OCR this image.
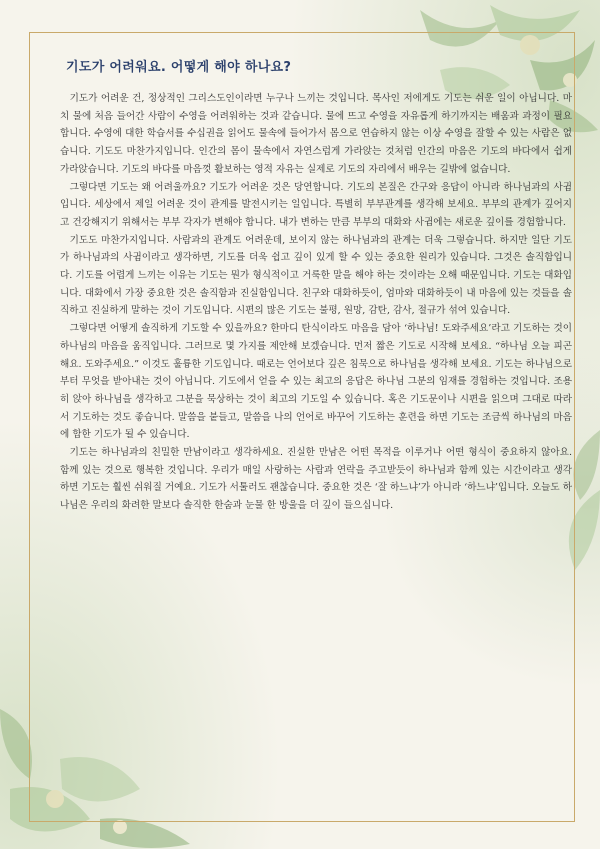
기도가 어려워요. 어떻게 해야 하나요?

기도가 어려운 건, 정상적인 그리스도인이라면 누구나 느끼는 것입니다. 목사인 저에게도 기도는 쉬운 일이 아닙니다. 마치 물에 처음 들어간 사람이 수영을 어려워하는 것과 같습니다. 물에 뜨고 수영을 자유롭게 하기까지는 배움과 과정이 필요합니다. 수영에 대한 학습서를 수십권을 읽어도 물속에 들어가서 몸으로 연습하지 않는 이상 수영을 잘할 수 있는 사람은 없습니다. 기도도 마찬가지입니다. 인간의 몸이 물속에서 자연스럽게 가라앉는 것처럼 인간의 마음은 기도의 바다에서 쉽게 가라앉습니다. 기도의 바다를 마음껏 활보하는 영적 자유는 실제로 기도의 자리에서 배우는 길밖에 없습니다.

그렇다면 기도는 왜 어려울까요? 기도가 어려운 것은 당연합니다. 기도의 본질은 간구와 응답이 아니라 하나님과의 사귐입니다. 세상에서 제일 어려운 것이 관계를 발전시키는 일입니다. 특별히 부부관계를 생각해 보세요. 부부의 관계가 깊어지고 건강해지기 위해서는 부부 각자가 변해야 합니다. 내가 변하는 만큼 부부의 대화와 사귐에는 새로운 깊이를 경험합니다.

기도도 마찬가지입니다. 사람과의 관계도 어려운데, 보이지 않는 하나님과의 관계는 더욱 그렇습니다. 하지만 일단 기도가 하나님과의 사귐이라고 생각하면, 기도를 더욱 쉽고 깊이 있게 할 수 있는 중요한 원리가 있습니다. 그것은 솔직함입니다. 기도를 어렵게 느끼는 이유는 기도는 뭔가 형식적이고 거룩한 말을 해야 하는 것이라는 오해 때문입니다. 기도는 대화입니다. 대화에서 가장 중요한 것은 솔직함과 진실함입니다. 친구와 대화하듯이, 엄마와 대화하듯이 내 마음에 있는 것들을 솔직하고 진실하게 말하는 것이 기도입니다. 시편의 많은 기도는 불평, 원망, 감탄, 감사, 절규가 섞여 있습니다.

그렇다면 어떻게 솔직하게 기도할 수 있을까요? 한마디 탄식이라도 마음을 담아 ‘하나님! 도와주세요’라고 기도하는 것이 하나님의 마음을 움직입니다. 그러므로 몇 가지를 제안해 보겠습니다. 먼저 짧은 기도로 시작해 보세요. “하나님 오늘 피곤해요. 도와주세요.” 이것도 훌륭한 기도입니다. 때로는 언어보다 깊은 침묵으로 하나님을 생각해 보세요. 기도는 하나님으로부터 무엇을 받아내는 것이 아닙니다. 기도에서 얻을 수 있는 최고의 응답은 하나님 그분의 임재를 경험하는 것입니다. 조용히 앉아 하나님을 생각하고 그분을 묵상하는 것이 최고의 기도일 수 있습니다. 혹은 기도문이나 시편을 읽으며 그대로 따라서 기도하는 것도 좋습니다. 말씀을 붙들고, 말씀을 나의 언어로 바꾸어 기도하는 훈련을 하면 기도는 조금씩 하나님의 마음에 합한 기도가 될 수 있습니다.

기도는 하나님과의 친밀한 만남이라고 생각하세요. 진실한 만남은 어떤 목적을 이루거나 어떤 형식이 중요하지 않아요. 함께 있는 것으로 행복한 것입니다. 우리가 매일 사랑하는 사람과 연락을 주고받듯이 하나님과 함께 있는 시간이라고 생각하면 기도는 훨씬 쉬워질 거예요. 기도가 서툴러도 괜찮습니다. 중요한 것은 ‘잘 하느냐’가 아니라 ‘하느냐’입니다. 오늘도 하나님은 우리의 화려한 말보다 솔직한 한숨과 눈물 한 방울을 더 깊이 들으십니다.
